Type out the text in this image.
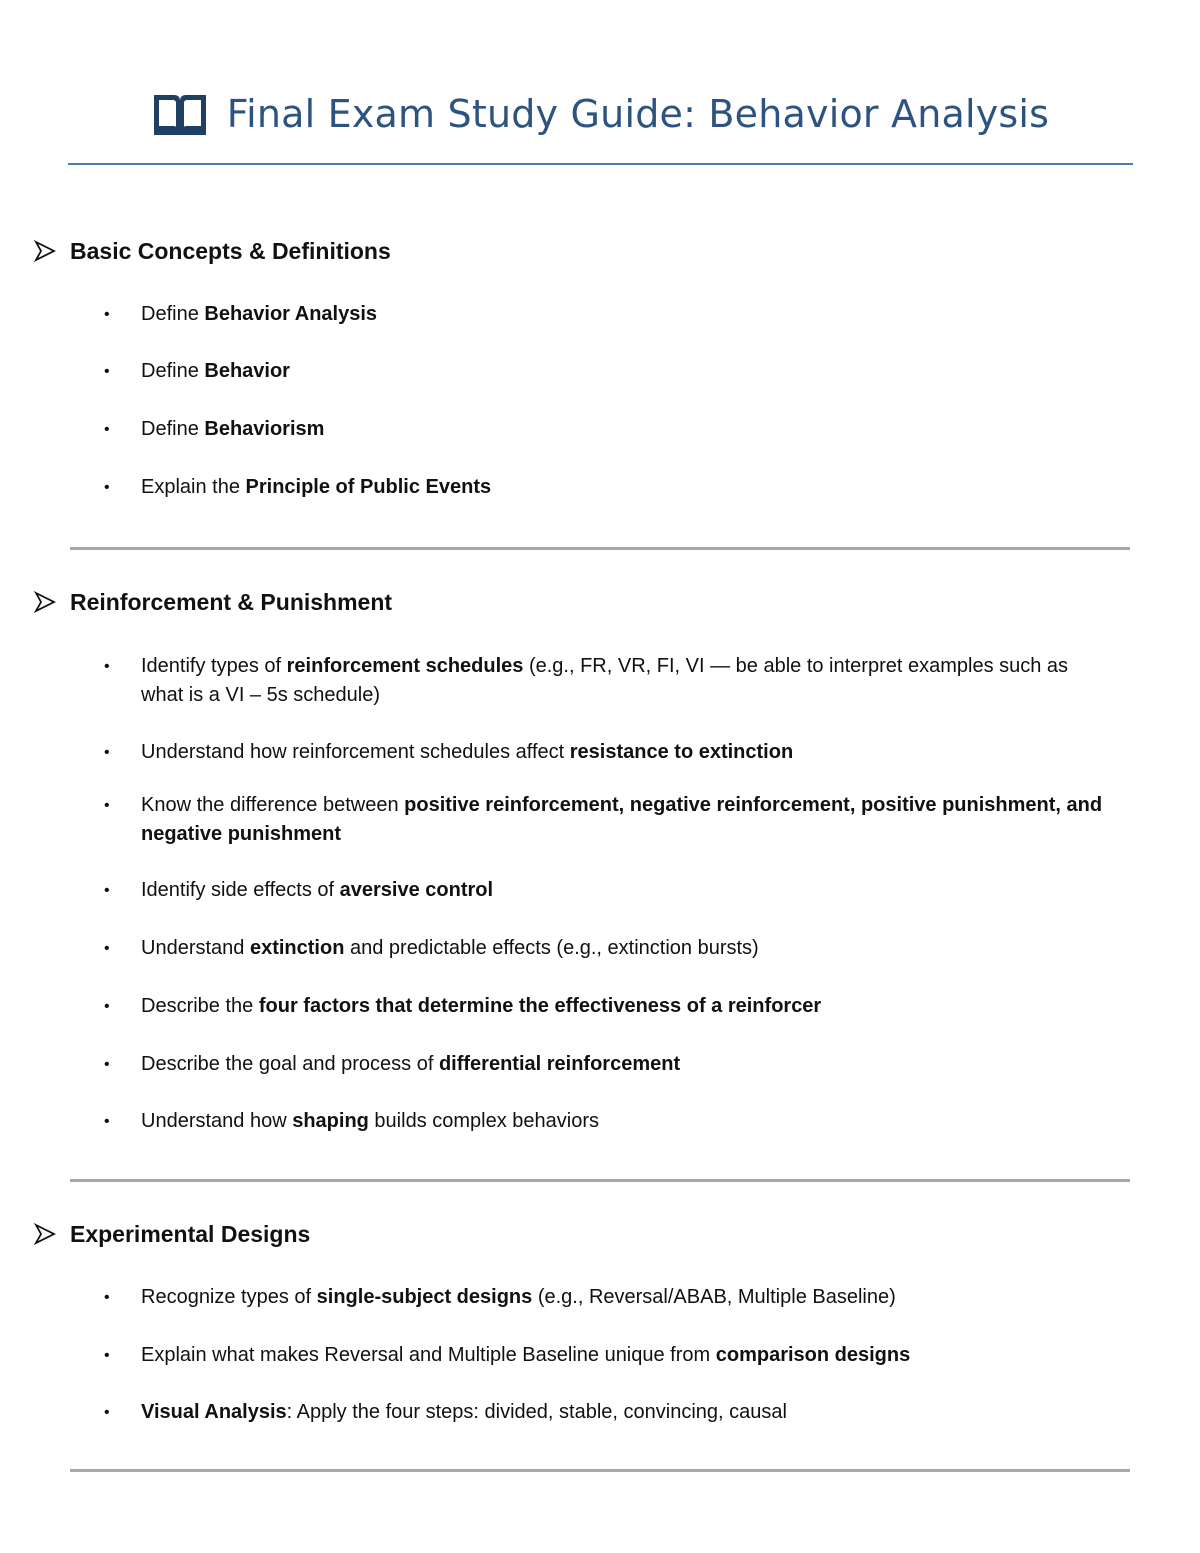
Final Exam Study Guide: Behavior Analysis
Basic Concepts & Definitions
• Define Behavior Analysis
• Define Behavior
• Define Behaviorism
• Explain the Principle of Public Events
Reinforcement & Punishment
• Identify types of reinforcement schedules (e.g., FR, VR, FI, VI — be able to interpret examples such as what is a VI – 5s schedule)
• Understand how reinforcement schedules affect resistance to extinction
• Know the difference between positive reinforcement, negative reinforcement, positive punishment, and negative punishment
• Identify side effects of aversive control
• Understand extinction and predictable effects (e.g., extinction bursts)
• Describe the four factors that determine the effectiveness of a reinforcer
• Describe the goal and process of differential reinforcement
• Understand how shaping builds complex behaviors
Experimental Designs
• Recognize types of single-subject designs (e.g., Reversal/ABAB, Multiple Baseline)
• Explain what makes Reversal and Multiple Baseline unique from comparison designs
• Visual Analysis: Apply the four steps: divided, stable, convincing, causal
